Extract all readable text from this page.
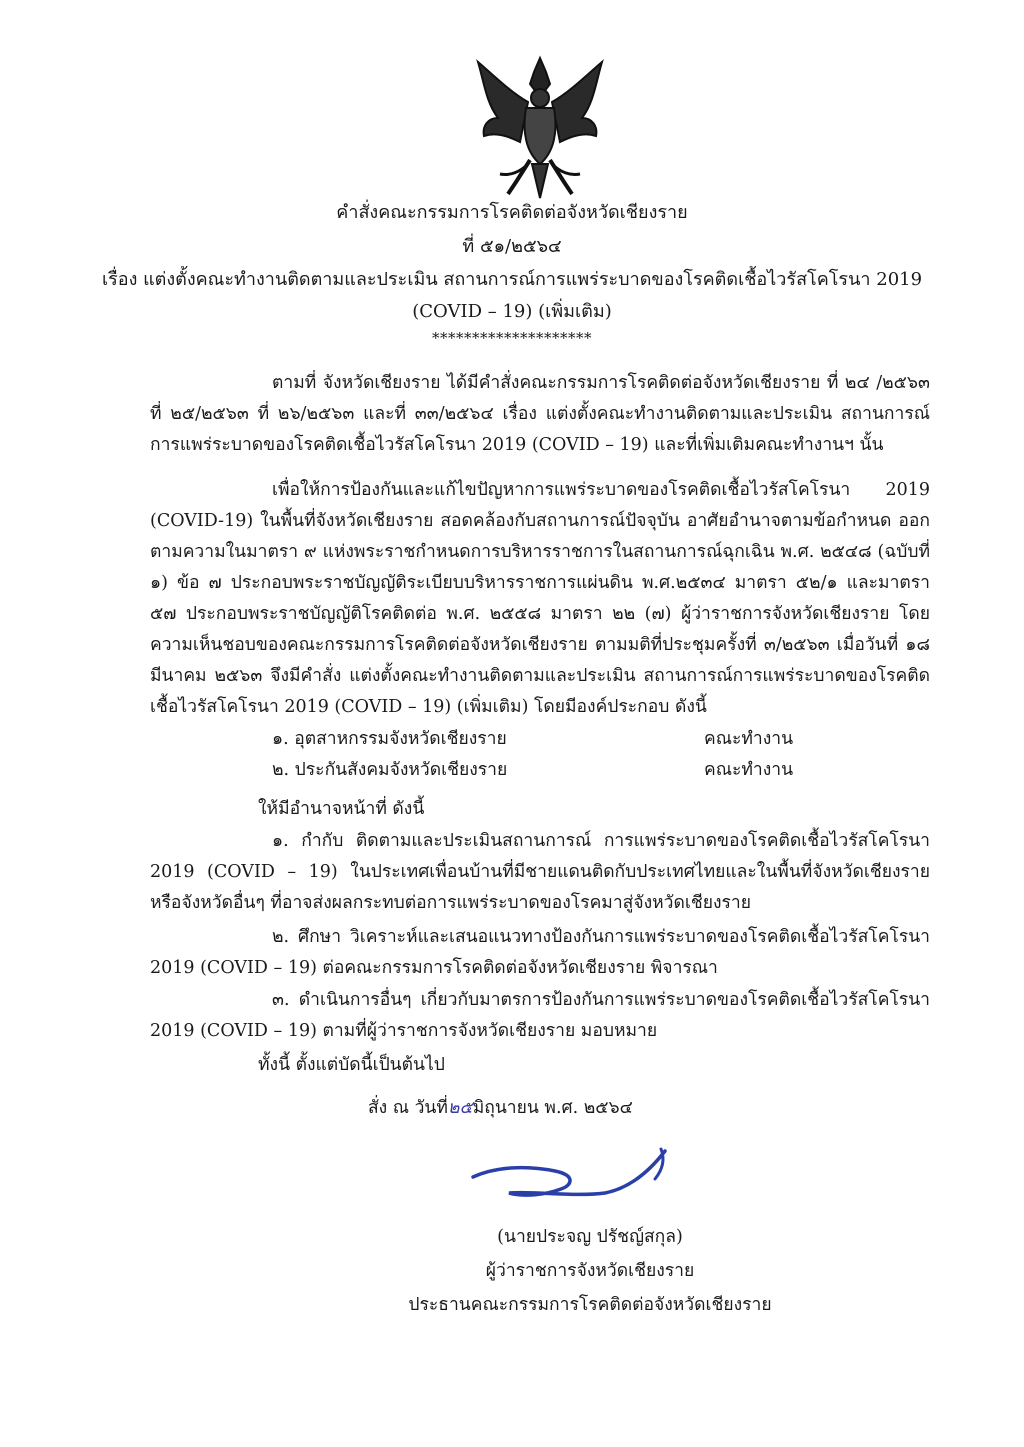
คำสั่งคณะกรรมการโรคติดต่อจังหวัดเชียงราย
ที่ ๕๑/๒๕๖๔
เรื่อง แต่งตั้งคณะทำงานติดตามและประเมิน สถานการณ์การแพร่ระบาดของโรคติดเชื้อไวรัสโคโรนา 2019
(COVID – 19) (เพิ่มเติม)
********************
ตามที่ จังหวัดเชียงราย ได้มีคำสั่งคณะกรรมการโรคติดต่อจังหวัดเชียงราย ที่ ๒๔ /๒๕๖๓ ที่ ๒๕/๒๕๖๓ ที่ ๒๖/๒๕๖๓ และที่ ๓๓/๒๕๖๔ เรื่อง แต่งตั้งคณะทำงานติดตามและประเมิน สถานการณ์การแพร่ระบาดของโรคติดเชื้อไวรัสโคโรนา 2019 (COVID – 19) และที่เพิ่มเติมคณะทำงานฯ นั้น
เพื่อให้การป้องกันและแก้ไขปัญหาการแพร่ระบาดของโรคติดเชื้อไวรัสโคโรนา 2019 (COVID-19) ในพื้นที่จังหวัดเชียงราย สอดคล้องกับสถานการณ์ปัจจุบัน อาศัยอำนาจตามข้อกำหนด ออกตามความในมาตรา ๙ แห่งพระราชกำหนดการบริหารราชการในสถานการณ์ฉุกเฉิน พ.ศ. ๒๕๔๘ (ฉบับที่ ๑) ข้อ ๗ ประกอบพระราชบัญญัติระเบียบบริหารราชการแผ่นดิน พ.ศ.๒๕๓๔ มาตรา ๕๒/๑ และมาตรา ๕๗ ประกอบพระราชบัญญัติโรคติดต่อ พ.ศ. ๒๕๕๘ มาตรา ๒๒ (๗) ผู้ว่าราชการจังหวัดเชียงราย โดยความเห็นชอบของคณะกรรมการโรคติดต่อจังหวัดเชียงราย ตามมติที่ประชุมครั้งที่ ๓/๒๕๖๓ เมื่อวันที่ ๑๘ มีนาคม ๒๕๖๓ จึงมีคำสั่ง แต่งตั้งคณะทำงานติดตามและประเมิน สถานการณ์การแพร่ระบาดของโรคติดเชื้อไวรัสโคโรนา 2019 (COVID – 19) (เพิ่มเติม) โดยมีองค์ประกอบ ดังนี้
๑. อุตสาหกรรมจังหวัดเชียงราย	คณะทำงาน
๒. ประกันสังคมจังหวัดเชียงราย	คณะทำงาน
ให้มีอำนาจหน้าที่ ดังนี้
๑. กำกับ ติดตามและประเมินสถานการณ์ การแพร่ระบาดของโรคติดเชื้อไวรัสโคโรนา 2019 (COVID – 19) ในประเทศเพื่อนบ้านที่มีชายแดนติดกับประเทศไทยและในพื้นที่จังหวัดเชียงรายหรือจังหวัดอื่นๆ ที่อาจส่งผลกระทบต่อการแพร่ระบาดของโรคมาสู่จังหวัดเชียงราย
๒. ศึกษา วิเคราะห์และเสนอแนวทางป้องกันการแพร่ระบาดของโรคติดเชื้อไวรัสโคโรนา 2019 (COVID – 19) ต่อคณะกรรมการโรคติดต่อจังหวัดเชียงราย พิจารณา
๓. ดำเนินการอื่นๆ เกี่ยวกับมาตรการป้องกันการแพร่ระบาดของโรคติดเชื้อไวรัสโคโรนา 2019 (COVID – 19) ตามที่ผู้ว่าราชการจังหวัดเชียงราย มอบหมาย
ทั้งนี้ ตั้งแต่บัดนี้เป็นต้นไป
สั่ง ณ วันที่๒๕มิถุนายน พ.ศ. ๒๕๖๔
(นายประจญ ปรัชญ์สกุล)
ผู้ว่าราชการจังหวัดเชียงราย
ประธานคณะกรรมการโรคติดต่อจังหวัดเชียงราย
